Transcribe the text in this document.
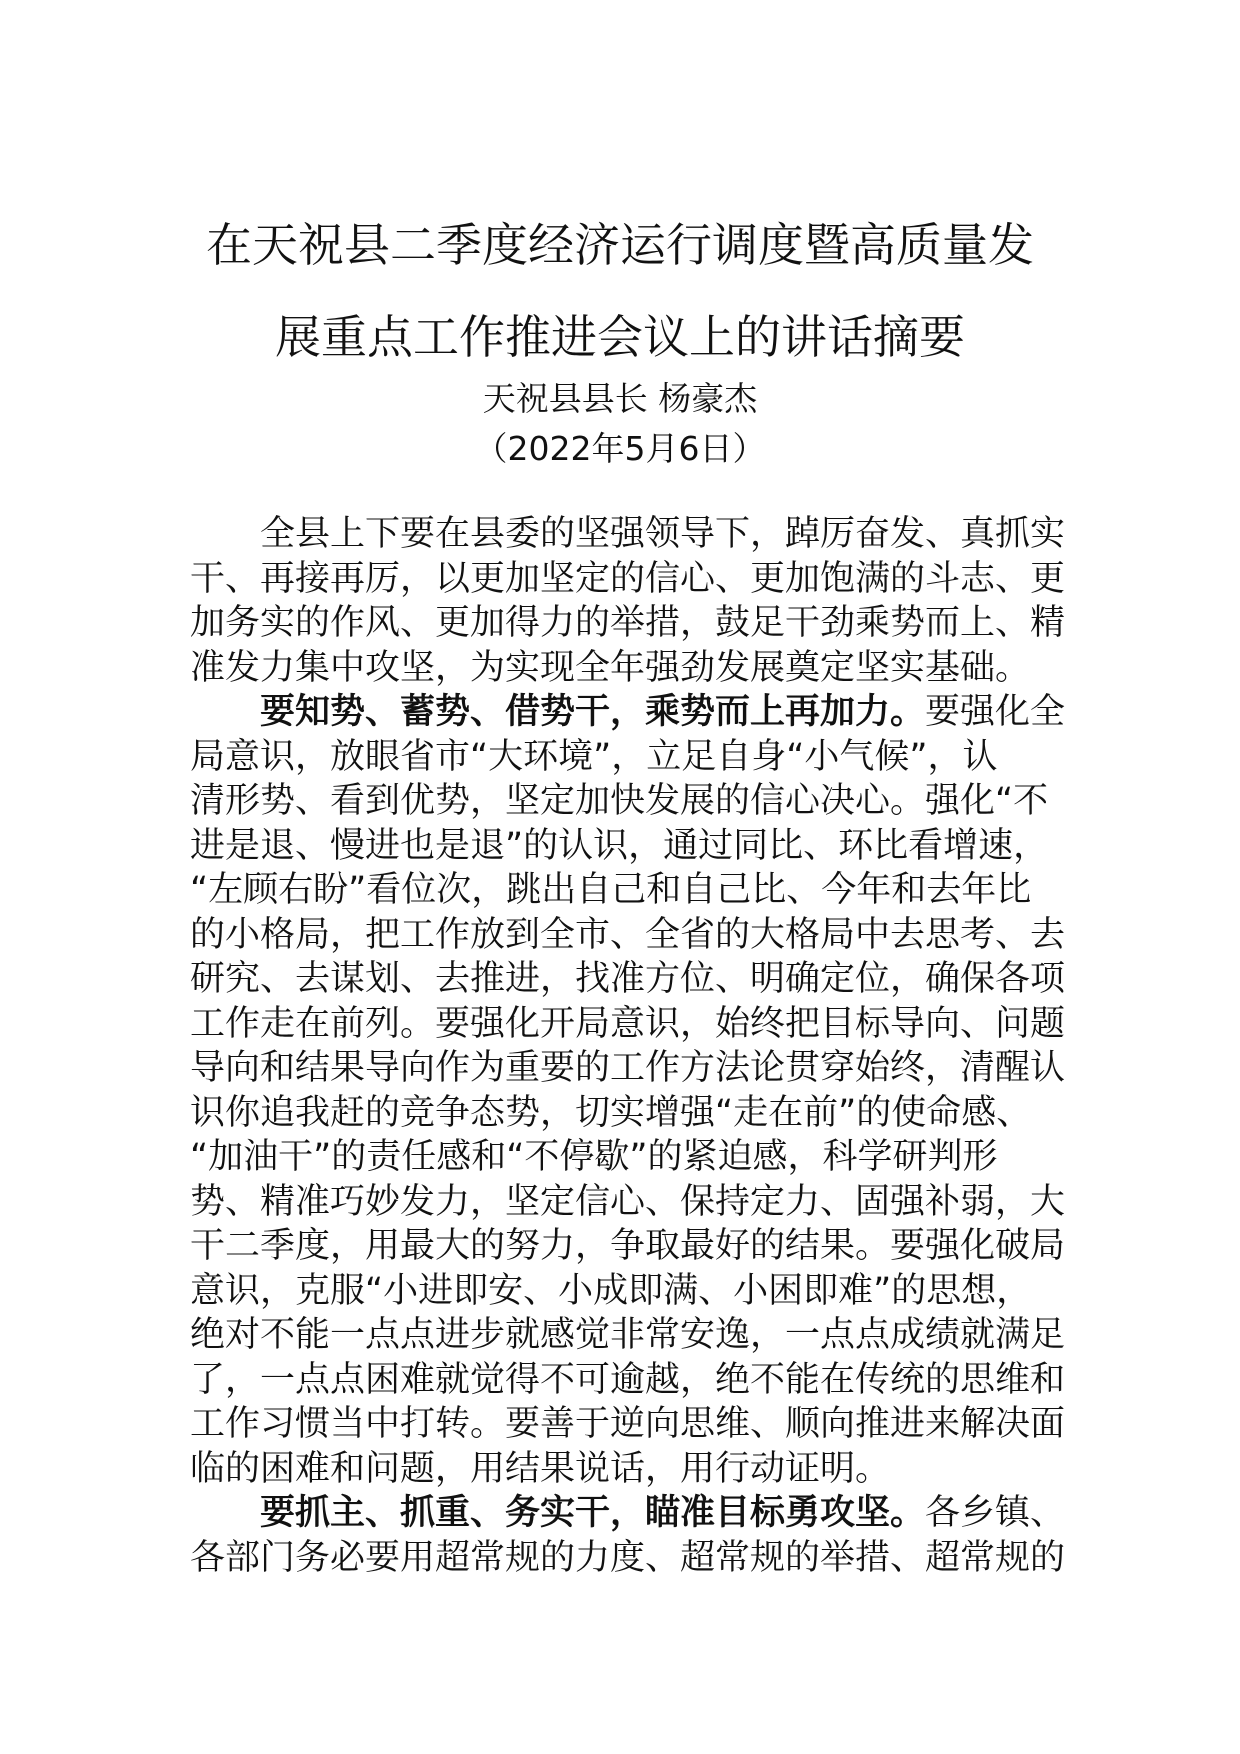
在天祝县二季度经济运行调度暨高质量发
展重点工作推进会议上的讲话摘要
天祝县县长 杨豪杰
（2022年5月6日）
全县上下要在县委的坚强领导下，踔厉奋发、真抓实
干、再接再厉，以更加坚定的信心、更加饱满的斗志、更
加务实的作风、更加得力的举措，鼓足干劲乘势而上、精
准发力集中攻坚，为实现全年强劲发展奠定坚实基础。
要知势、蓄势、借势干，乘势而上再加力。要强化全
局意识，放眼省市“大环境”，立足自身“小气候”，认
清形势、看到优势，坚定加快发展的信心决心。强化“不
进是退、慢进也是退”的认识，通过同比、环比看增速，
“左顾右盼”看位次，跳出自己和自己比、今年和去年比
的小格局，把工作放到全市、全省的大格局中去思考、去
研究、去谋划、去推进，找准方位、明确定位，确保各项
工作走在前列。要强化开局意识，始终把目标导向、问题
导向和结果导向作为重要的工作方法论贯穿始终，清醒认
识你追我赶的竞争态势，切实增强“走在前”的使命感、
“加油干”的责任感和“不停歇”的紧迫感，科学研判形
势、精准巧妙发力，坚定信心、保持定力、固强补弱，大
干二季度，用最大的努力，争取最好的结果。要强化破局
意识，克服“小进即安、小成即满、小困即难”的思想，
绝对不能一点点进步就感觉非常安逸，一点点成绩就满足
了，一点点困难就觉得不可逾越，绝不能在传统的思维和
工作习惯当中打转。要善于逆向思维、顺向推进来解决面
临的困难和问题，用结果说话，用行动证明。
要抓主、抓重、务实干，瞄准目标勇攻坚。各乡镇、
各部门务必要用超常规的力度、超常规的举措、超常规的
